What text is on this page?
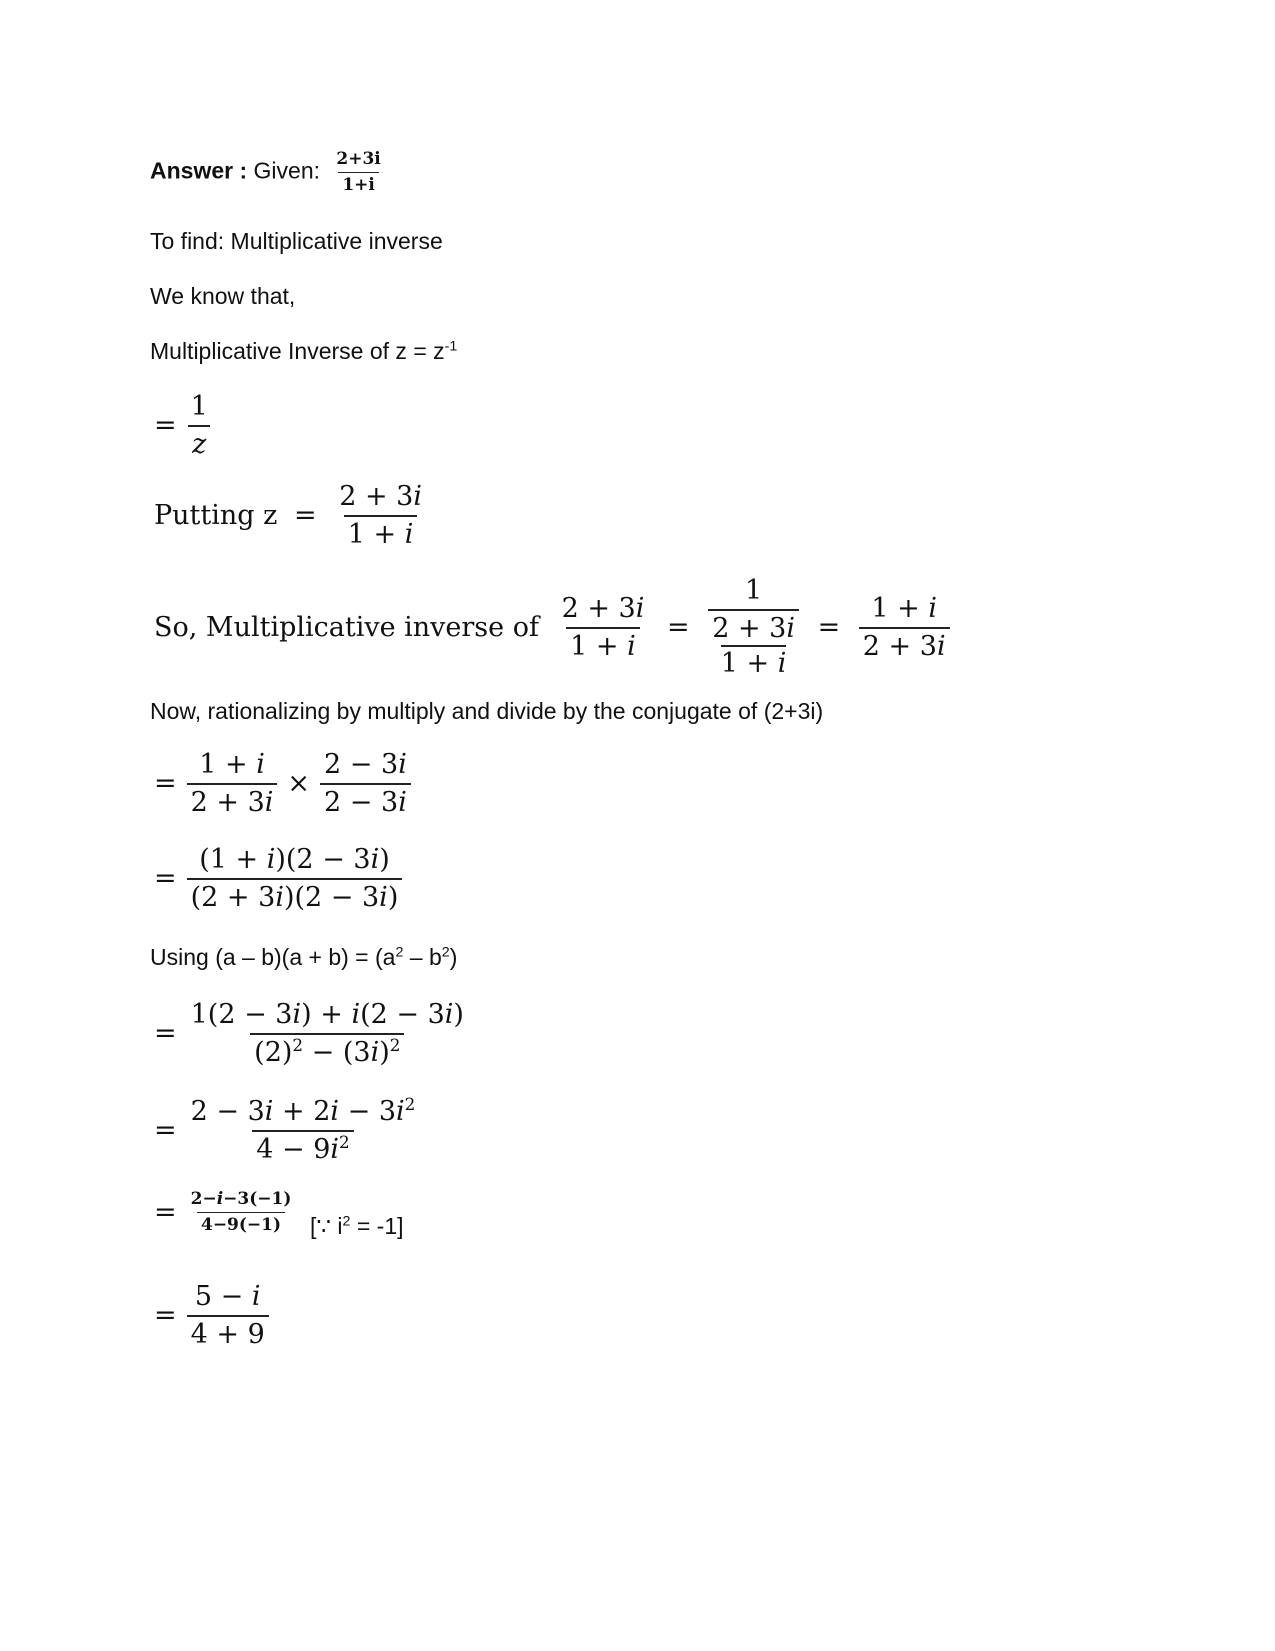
Answer : Given: $\frac{2+3i}{1+i}$
To find: Multiplicative inverse
We know that,
Multiplicative Inverse of $z = z^{-1}$
= $\frac{1}{z}$
Putting $z = \frac{2 + 3i}{1 + i}$
So, Multiplicative inverse of $\frac{2 + 3i}{1 + i} = 1$
2 + 3i
$1 + i = \frac{1 + i}{2 + 3i}$
Now, rationalizing by multiply and divide by the conjugate of (2+3i)
= $\frac{1 + i}{2 + 3i} \times \frac{2 - 3i}{2 - 3i}$
= $\frac{(1 + i)(2 - 3i)}{(2 + 3i)(2 - 3i)}$
Using $(a - b)(a + b) = (a^2 - b^2)$
= $\frac{1(2 - 3i) + i(2 - 3i)}{(2)^2 - (3i)^2}$
= $\frac{2 - 3i + 2i - 3i^2}{4 - 9i^2}$
= $\frac{2-i-3(-1)}{4-9(-1)}$ [∵ $i^2 = -1$]
= $\frac{5 - i}{4 + 9}$
